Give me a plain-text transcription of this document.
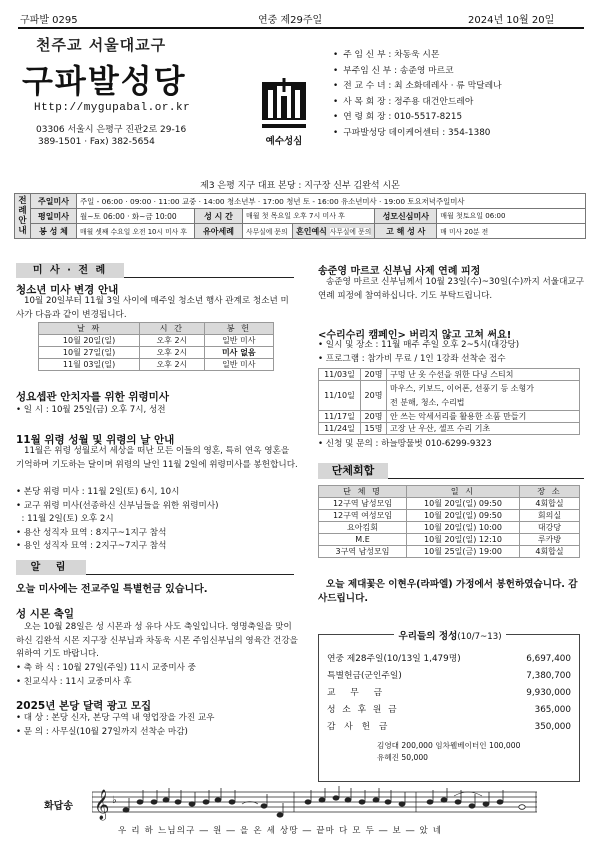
구파발 0295	연중 제29주일	2024년 10월 20일
천주교 서울대교구
구파발성당
Http://mygupabal.or.kr
03306 서울시 은평구 진관2로 29-16
389-1501 · Fax) 382-5654	예수성심
• 주 임 신 부 : 차동욱 시몬
• 부주임 신 부 : 송준영 마르코
• 전 교 수 녀 : 최 소화데레사 · 류 막달레나
• 사 목 회 장 : 정주용 대건안드레아
• 연 령 회 장 : 010-5517-8215
• 구파발성당 데이케어센터 : 354-1380
제3 은평 지구 대표 본당 : 지구장 신부 김완석 시몬
전례안내	주일미사	주일 - 06:00 · 09:00 · 11:00 교중 · 14:00 청소년부 · 17:00 청년 토 - 16:00 유소년미사 · 19:00 토요저녁주일미사					
	평일미사	월~토 06:00 · 화~금 10:00	성 시 간	매월 첫 목요일 오후 7시 미사 후		성모신심미사	매월 첫토요일 06:00
	봉 성 체	매월 셋째 수요일 오전 10시 미사 후	유아세례	사무실에 문의	혼인예식 사무실에 문의	고 해 성 사	매 미사 20분 전
미 사 · 전 례
청소년 미사 변경 안내
10월 20일부터 11월 3일 사이에 매주일 청소년 행사 관계로 청소년 미사가 다음과 같이 변경됩니다.
날 짜	시 간	봉 헌
10월 20일(일)	오후 2시	일반 미사
10월 27일(일)	오후 2시	미사 없음
11월 03일(일)	오후 2시	일반 미사
성요셉관 안치자를 위한 위령미사
• 일 시 : 10월 25일(금) 오후 7시, 성전
11월 위령 성월 및 위령의 날 안내
11월은 위령 성월로서 세상을 떠난 모든 이들의 영혼, 특히 연옥 영혼을 기억하며 기도하는 달이며 위령의 날인 11월 2일에 위령미사를 봉헌합니다.
• 본당 위령 미사 : 11월 2일(토) 6시, 10시
• 교구 위령 미사(선종하신 신부님들을 위한 위령미사)
: 11월 2일(토) 오후 2시
• 용산 성직자 묘역 : 8지구~1지구 참석
• 용인 성직자 묘역 : 2지구~7지구 참석
알 림
오늘 미사에는 전교주일 특별헌금 있습니다.
성 시몬 축일
오는 10월 28일은 성 시몬과 성 유다 사도 축일입니다. 영명축일을 맞이하신 김완석 시몬 지구장 신부님과 차동욱 시몬 주임신부님의 영육간 건강을 위하여 기도 바랍니다.
• 축 하 식 : 10월 27일(주일) 11시 교중미사 중
• 친교식사 : 11시 교중미사 후
2025년 본당 달력 광고 모집
• 대 상 : 본당 신자, 본당 구역 내 영업장을 가진 교우
• 문 의 : 사무실(10월 27일까지 선착순 마감)
송준영 마르코 신부님 사제 연례 피정
송준영 마르코 신부님께서 10월 23일(수)~30일(수)까지 서울대교구 연례 피정에 참여하십니다. 기도 부탁드립니다.
<수리수리 캠페인> 버리지 않고 고쳐 써요!
• 일시 및 장소 : 11월 매주 주일 오후 2~5시(대강당)
• 프로그램 : 참가비 무료 / 1인 1강좌 선착순 접수
11/03일	20명	구멍 난 옷 수선을 위한 다닝 스티치
11/10일	20명	마우스, 키보드, 이어폰, 선풍기 등 소형가전 분해, 청소, 수리법
11/17일	20명	안 쓰는 악세서리를 활용한 소품 만들기
11/24일	15명	고장 난 우산, 셀프 수리 기초
• 신청 및 문의 : 하늘땅물벗 010-6299-9323
단체회합
단 체 명	일 시	장 소
12구역 남성모임	10월 20일(일) 09:50	4회합실
12구역 여성모임	10월 20일(일) 09:50	회의실
요아킴회	10월 20일(일) 10:00	대강당
M.E	10월 20일(일) 12:10	루카방
3구역 남성모임	10월 25일(금) 19:00	4회합실
오늘 제대꽃은 이현우(라파엘) 가정에서 봉헌하였습니다. 감사드립니다.
우리들의 정성(10/7~13)
연중 제28주일(10/13일 1,479명)	6,697,400
특별헌금(군인주일)	7,380,700
교 무 금	9,930,000
성 소 후 원 금	365,000
감 사 헌 금	350,000
김영대 200,000 임차웰베이터인 100,000
유혜진 50,000
화답송 𝄞 ♭
우 리 하 느님의구 ― 원 ― 을 온 세 상땅 ― 끝마 다 모 두 ― 보 ― 았 네
